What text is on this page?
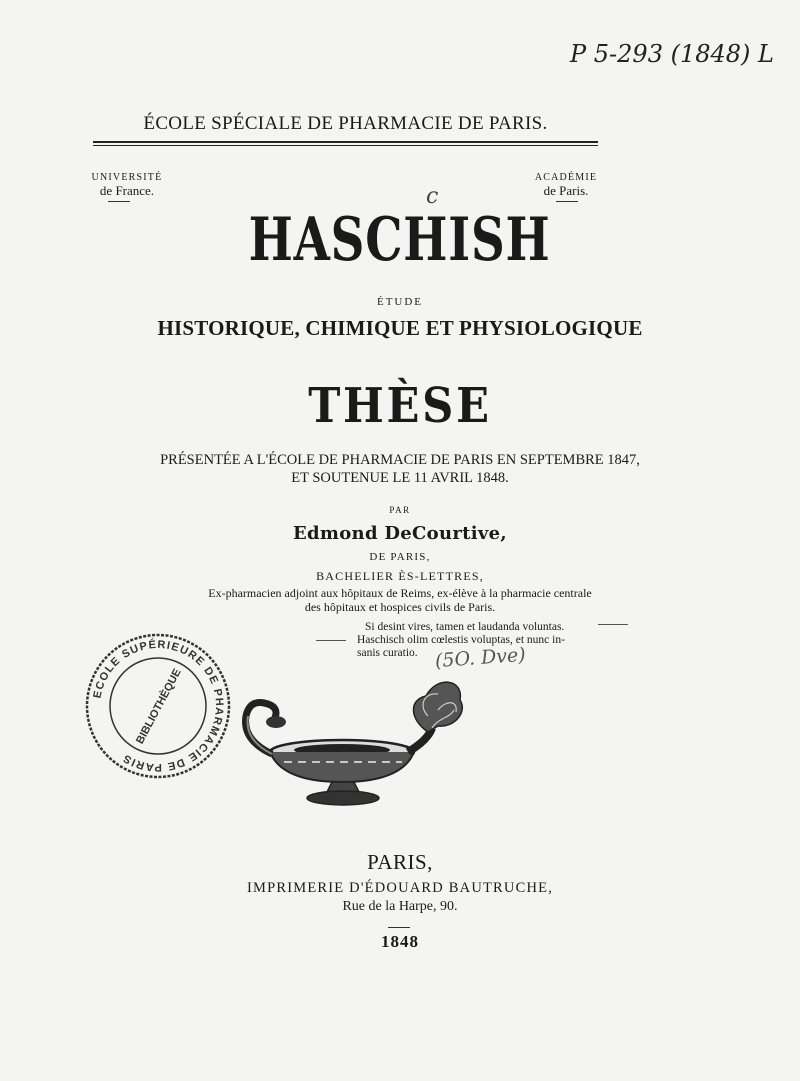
P 5-293 (1848) L
ÉCOLE SPÉCIALE DE PHARMACIE DE PARIS.
UNIVERSITÉ
de France.
ACADÉMIE
de Paris.
c
HASCHISH
ÉTUDE
HISTORIQUE, CHIMIQUE ET PHYSIOLOGIQUE
THÈSE
PRÉSENTÉE A L'ÉCOLE DE PHARMACIE DE PARIS EN SEPTEMBRE 1847,
ET SOUTENUE LE 11 AVRIL 1848.
PAR
Edmond DeCourtive,
DE PARIS,
BACHELIER ÈS-LETTRES,
Ex-pharmacien adjoint aux hôpitaux de Reims, ex-élève à la pharmacie centrale
des hôpitaux et hospices civils de Paris.
Si desint vires, tamen et laudanda voluntas.
Haschisch olim cœlestis voluptas, et nunc in-
sanis curatio. (5O. Dve)
ECOLE SUPÉRIEURE DE PHARMACIE DE PARIS
BIBLIOTHÈQUE
PARIS,
IMPRIMERIE D'ÉDOUARD BAUTRUCHE,
Rue de la Harpe, 90.
1848
